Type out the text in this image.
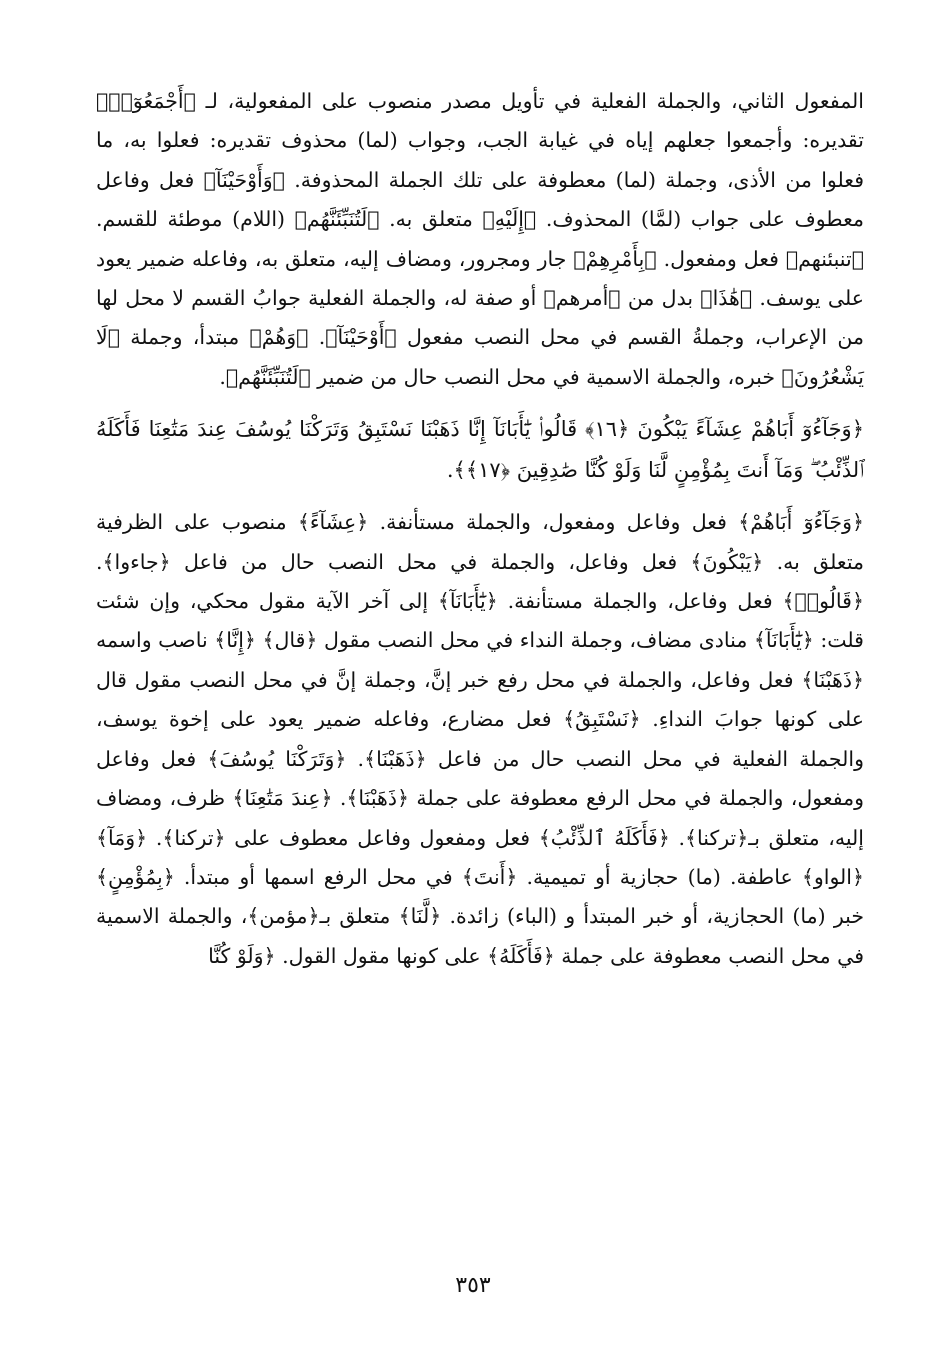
المفعول الثاني، والجملة الفعلية في تأويل مصدر منصوب على المفعولية، لـ ﴿أَجْمَعُوٓا۟﴾ تقديره: وأجمعوا جعلهم إياه في غيابة الجب، وجواب (لما) محذوف تقديره: فعلوا به، ما فعلوا من الأذى، وجملة (لما) معطوفة على تلك الجملة المحذوفة. ﴿وَأَوْحَيْنَآ﴾ فعل وفاعل معطوف على جواب (لمَّا) المحذوف. ﴿إِلَيْهِ﴾ متعلق به. ﴿لَتُنَبِّئَنَّهُم﴾ (اللام) موطئة للقسم. ﴿تنبئنهم﴾ فعل ومفعول. ﴿بِأَمْرِهِمْ﴾ جار ومجرور، ومضاف إليه، متعلق به، وفاعله ضمير يعود على يوسف. ﴿هَٰذَا﴾ بدل من ﴿أمرهم﴾ أو صفة له، والجملة الفعلية جوابُ القسم لا محل لها من الإعراب، وجملةُ القسم في محل النصب مفعول ﴿أَوْحَيْنَآ﴾. ﴿وَهُمْ﴾ مبتدأ، وجملة ﴿لَا يَشْعُرُونَ﴾ خبره، والجملة الاسمية في محل النصب حال من ضمير ﴿لَتُنَبِّئَنَّهُم﴾.

﴿وَجَآءُوٓ أَبَاهُمْ عِشَآءً يَبْكُونَ ﴿١٦﴾ قَالُوا۟ يَٰٓأَبَانَآ إِنَّا ذَهَبْنَا نَسْتَبِقُ وَتَرَكْنَا يُوسُفَ عِندَ مَتَٰعِنَا فَأَكَلَهُ ٱلذِّئْبُ ۖ وَمَآ أَنتَ بِمُؤْمِنٍ لَّنَا وَلَوْ كُنَّا صَٰدِقِينَ ﴿١٧﴾﴾.

﴿وَجَآءُوٓ أَبَاهُمْ﴾ فعل وفاعل ومفعول، والجملة مستأنفة. ﴿عِشَآءً﴾ منصوب على الظرفية متعلق به. ﴿يَبْكُونَ﴾ فعل وفاعل، والجملة في محل النصب حال من فاعل ﴿جاءوا﴾. ﴿قَالُوا۟﴾ فعل وفاعل، والجملة مستأنفة. ﴿يَٰٓأَبَانَآ﴾ إلى آخر الآية مقول محكي، وإن شئت قلت: ﴿يَٰٓأَبَانَآ﴾ منادى مضاف، وجملة النداء في محل النصب مقول ﴿قال﴾ ﴿إِنَّا﴾ ناصب واسمه ﴿ذَهَبْنَا﴾ فعل وفاعل، والجملة في محل رفع خبر إنَّ، وجملة إنَّ في محل النصب مقول قال على كونها جوابَ النداءِ. ﴿نَسْتَبِقُ﴾ فعل مضارع، وفاعله ضمير يعود على إخوة يوسف، والجملة الفعلية في محل النصب حال من فاعل ﴿ذَهَبْنَا﴾. ﴿وَتَرَكْنَا يُوسُفَ﴾ فعل وفاعل ومفعول، والجملة في محل الرفع معطوفة على جملة ﴿ذَهَبْنَا﴾. ﴿عِندَ مَتَٰعِنَا﴾ ظرف، ومضاف إليه، متعلق بـ﴿تركنا﴾. ﴿فَأَكَلَهُ ٱلذِّئْبُ﴾ فعل ومفعول وفاعل معطوف على ﴿تركنا﴾. ﴿وَمَآ﴾ ﴿الواو﴾ عاطفة. (ما) حجازية أو تميمية. ﴿أَنتَ﴾ في محل الرفع اسمها أو مبتدأ. ﴿بِمُؤْمِنٍ﴾ خبر (ما) الحجازية، أو خبر المبتدأ و (الباء) زائدة. ﴿لَّنَا﴾ متعلق بـ﴿مؤمن﴾، والجملة الاسمية في محل النصب معطوفة على جملة ﴿فَأَكَلَهُ﴾ على كونها مقول القول. ﴿وَلَوْ كُنَّا

٣٥٣
